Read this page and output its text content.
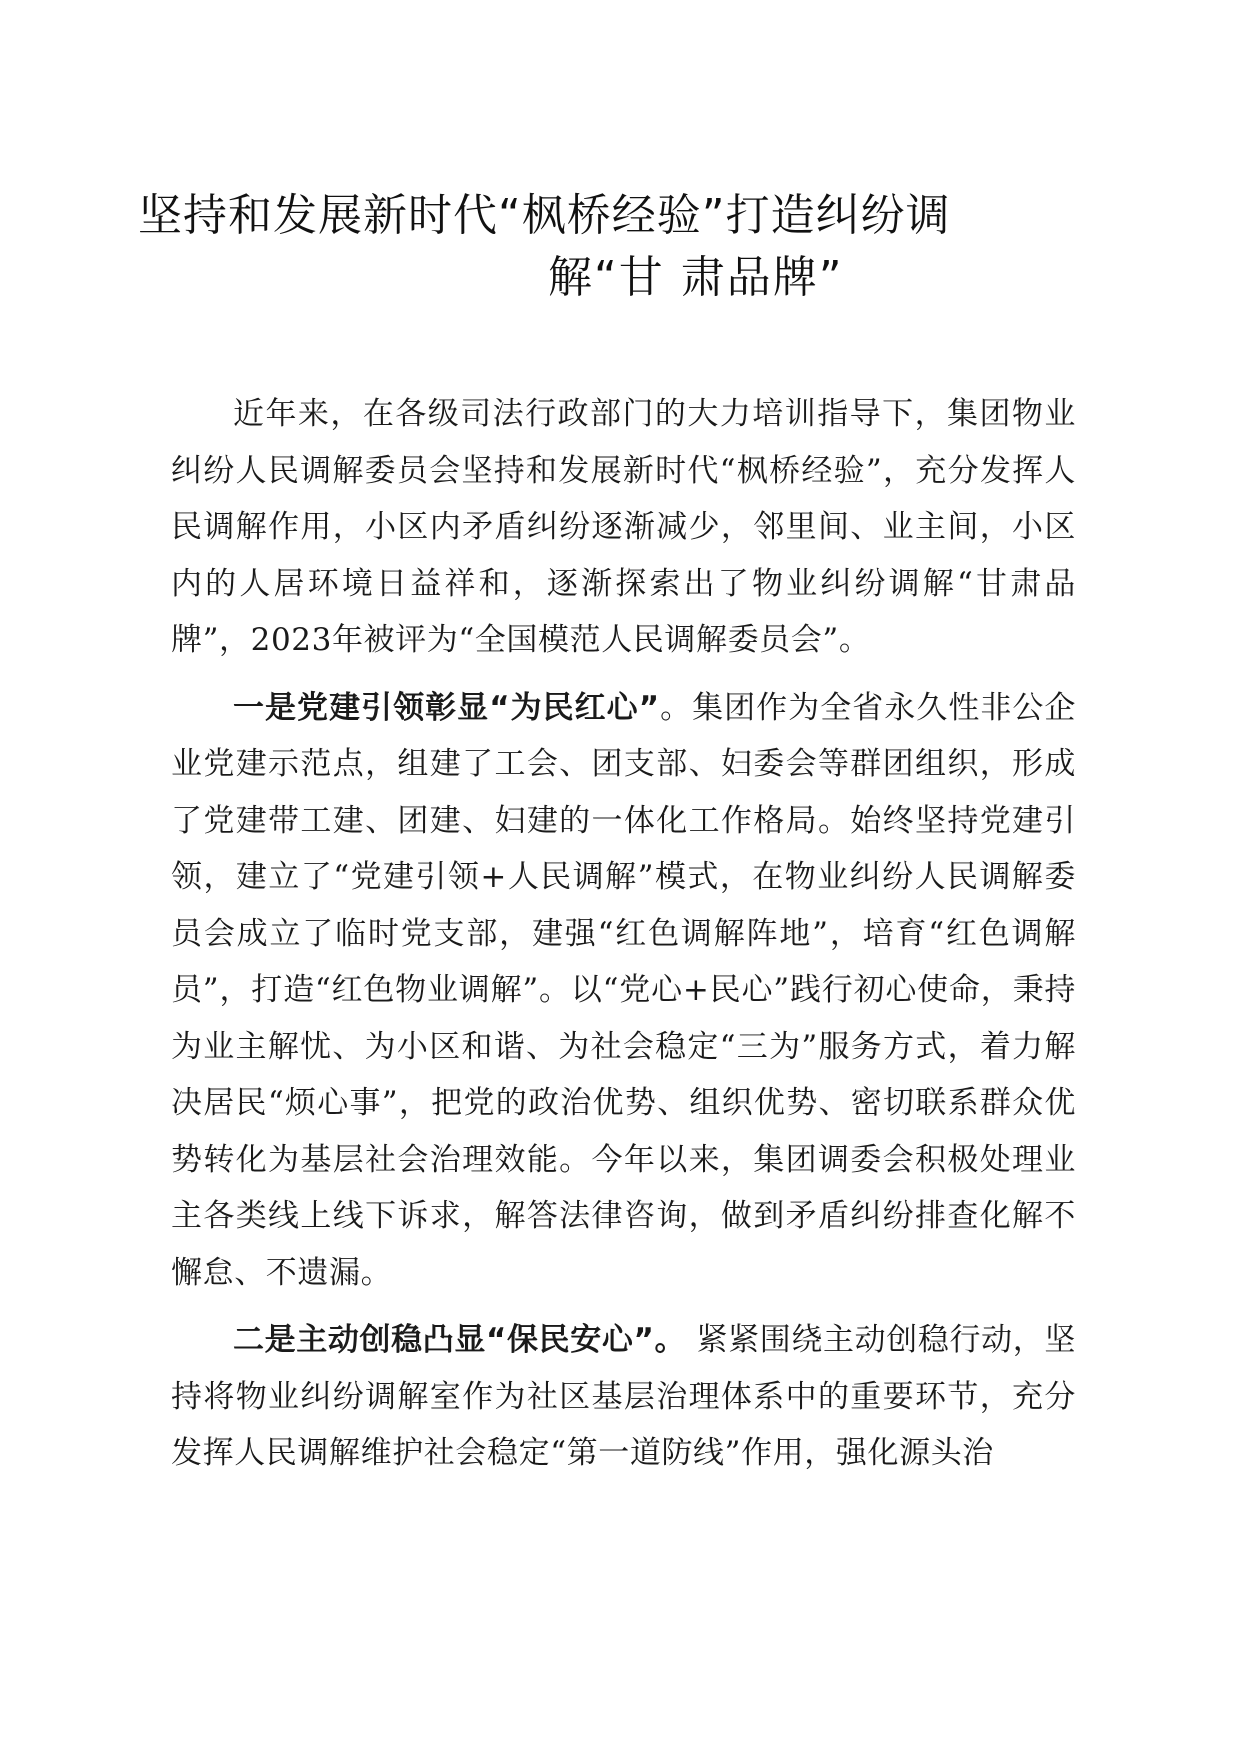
坚持和发展新时代“枫桥经验”打造纠纷调
解“甘 肃品牌”

近年来，在各级司法行政部门的大力培训指导下，集团物业纠纷人民调解委员会坚持和发展新时代“枫桥经验”，充分发挥人民调解作用，小区内矛盾纠纷逐渐减少，邻里间、业主间，小区内的人居环境日益祥和，逐渐探索出了物业纠纷调解“甘肃品牌”，2023年被评为“全国模范人民调解委员会”。

一是党建引领彰显“为民红心”。集团作为全省永久性非公企业党建示范点，组建了工会、团支部、妇委会等群团组织，形成了党建带工建、团建、妇建的一体化工作格局。始终坚持党建引领，建立了“党建引领+人民调解”模式，在物业纠纷人民调解委员会成立了临时党支部，建强“红色调解阵地”，培育“红色调解员”，打造“红色物业调解”。以“党心+民心”践行初心使命，秉持为业主解忧、为小区和谐、为社会稳定“三为”服务方式，着力解决居民“烦心事”，把党的政治优势、组织优势、密切联系群众优势转化为基层社会治理效能。今年以来，集团调委会积极处理业主各类线上线下诉求，解答法律咨询，做到矛盾纠纷排查化解不懈怠、不遗漏。

二是主动创稳凸显“保民安心”。 紧紧围绕主动创稳行动，坚持将物业纠纷调解室作为社区基层治理体系中的重要环节，充分发挥人民调解维护社会稳定“第一道防线”作用，强化源头治
